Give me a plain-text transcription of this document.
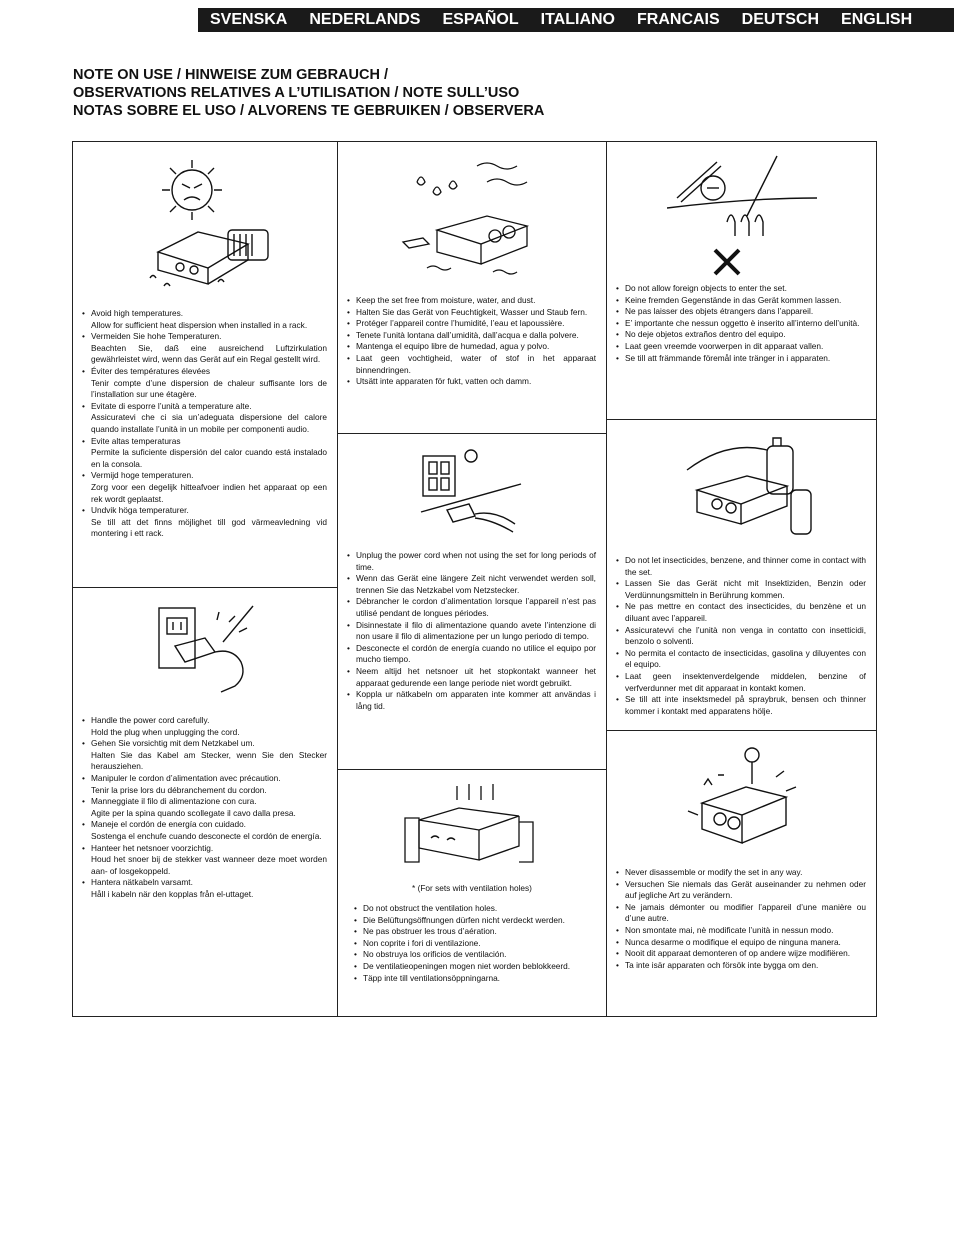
SVENSKA NEDERLANDS ESPAÑOL ITALIANO FRANCAIS DEUTSCH ENGLISH
NOTE ON USE / HINWEISE ZUM GEBRAUCH /
OBSERVATIONS RELATIVES A L’UTILISATION / NOTE SULL’USO
NOTAS SOBRE EL USO / ALVORENS TE GEBRUIKEN / OBSERVERA
• Avoid high temperatures.
Allow for sufficient heat dispersion when installed in a rack.
• Vermeiden Sie hohe Temperaturen.
Beachten Sie, daß eine ausreichend Luftzirkulation gewährleistet wird, wenn das Gerät auf ein Regal gestellt wird.
• Éviter des températures élevées
Tenir compte d’une dispersion de chaleur suffisante lors de l’installation sur une étagère.
• Evitate di esporre l’unità a temperature alte.
Assicuratevi che ci sia un’adeguata dispersione del calore quando installate l’unità in un mobile per componenti audio.
• Evite altas temperaturas
Permite la suficiente dispersión del calor cuando está instalado en la consola.
• Vermijd hoge temperaturen.
Zorg voor een degelijk hitteafvoer indien het apparaat op een rek wordt geplaatst.
• Undvik höga temperaturer.
Se till att det finns möjlighet till god värmeavledning vid montering i ett rack.
• Handle the power cord carefully.
Hold the plug when unplugging the cord.
• Gehen Sie vorsichtig mit dem Netzkabel um.
Halten Sie das Kabel am Stecker, wenn Sie den Stecker herausziehen.
• Manipuler le cordon d’alimentation avec précaution.
Tenir la prise lors du débranchement du cordon.
• Manneggiate il filo di alimentazione con cura.
Agite per la spina quando scollegate il cavo dalla presa.
• Maneje el cordón de energía con cuidado.
Sostenga el enchufe cuando desconecte el cordón de energía.
• Hanteer het netsnoer voorzichtig.
Houd het snoer bij de stekker vast wanneer deze moet worden aan- of losgekoppeld.
• Hantera nätkabeln varsamt.
Håll i kabeln när den kopplas från el-uttaget.
• Keep the set free from moisture, water, and dust.
• Halten Sie das Gerät von Feuchtigkeit, Wasser und Staub fern.
• Protéger l’appareil contre l’humidité, l’eau et lapoussière.
• Tenete l’unità lontana dall’umidità, dall’acqua e dalla polvere.
• Mantenga el equipo libre de humedad, agua y polvo.
• Laat geen vochtigheid, water of stof in het apparaat binnendringen.
• Utsätt inte apparaten för fukt, vatten och damm.
• Unplug the power cord when not using the set for long periods of time.
• Wenn das Gerät eine längere Zeit nicht verwendet werden soll, trennen Sie das Netzkabel vom Netzstecker.
• Débrancher le cordon d’alimentation lorsque l’appareil n’est pas utilisé pendant de longues périodes.
• Disinnestate il filo di alimentazione quando avete l’intenzione di non usare il filo di alimentazione per un lungo periodo di tempo.
• Desconecte el cordón de energía cuando no utilice el equipo por mucho tiempo.
• Neem altijd het netsnoer uit het stopkontakt wanneer het apparaat gedurende een lange periode niet wordt gebruikt.
• Koppla ur nätkabeln om apparaten inte kommer att användas i lång tid.
* (For sets with ventilation holes)
• Do not obstruct the ventilation holes.
• Die Belüftungsöffnungen dürfen nicht verdeckt werden.
• Ne pas obstruer les trous d’aération.
• Non coprite i fori di ventilazione.
• No obstruya los orificios de ventilación.
• De ventilatieopeningen mogen niet worden beblokkeerd.
• Täpp inte till ventilationsöppningarna.
• Do not allow foreign objects to enter the set.
• Keine fremden Gegenstände in das Gerät kommen lassen.
• Ne pas laisser des objets étrangers dans l’appareil.
• E’ importante che nessun oggetto è inserito all’interno dell’unità.
• No deje objetos extraños dentro del equipo.
• Laat geen vreemde voorwerpen in dit apparaat vallen.
• Se till att främmande föremål inte tränger in i apparaten.
• Do not let insecticides, benzene, and thinner come in contact with the set.
• Lassen Sie das Gerät nicht mit Insektiziden, Benzin oder Verdünnungsmitteln in Berührung kommen.
• Ne pas mettre en contact des insecticides, du benzène et un diluant avec l’appareil.
• Assicuratevvi che l’unità non venga in contatto con insetticidi, benzolo o solventi.
• No permita el contacto de insecticidas, gasolina y diluyentes con el equipo.
• Laat geen insektenverdelgende middelen, benzine of verfverdunner met dit apparaat in kontakt komen.
• Se till att inte insektsmedel på spraybruk, bensen och thinner kommer i kontakt med apparatens hölje.
• Never disassemble or modify the set in any way.
• Versuchen Sie niemals das Gerät auseinander zu nehmen oder auf jegliche Art zu verändern.
• Ne jamais démonter ou modifier l’appareil d’une manière ou d’une autre.
• Non smontate mai, nè modificate l’unità in nessun modo.
• Nunca desarme o modifique el equipo de ninguna manera.
• Nooit dit apparaat demonteren of op andere wijze modifiëren.
• Ta inte isär apparaten och försök inte bygga om den.
